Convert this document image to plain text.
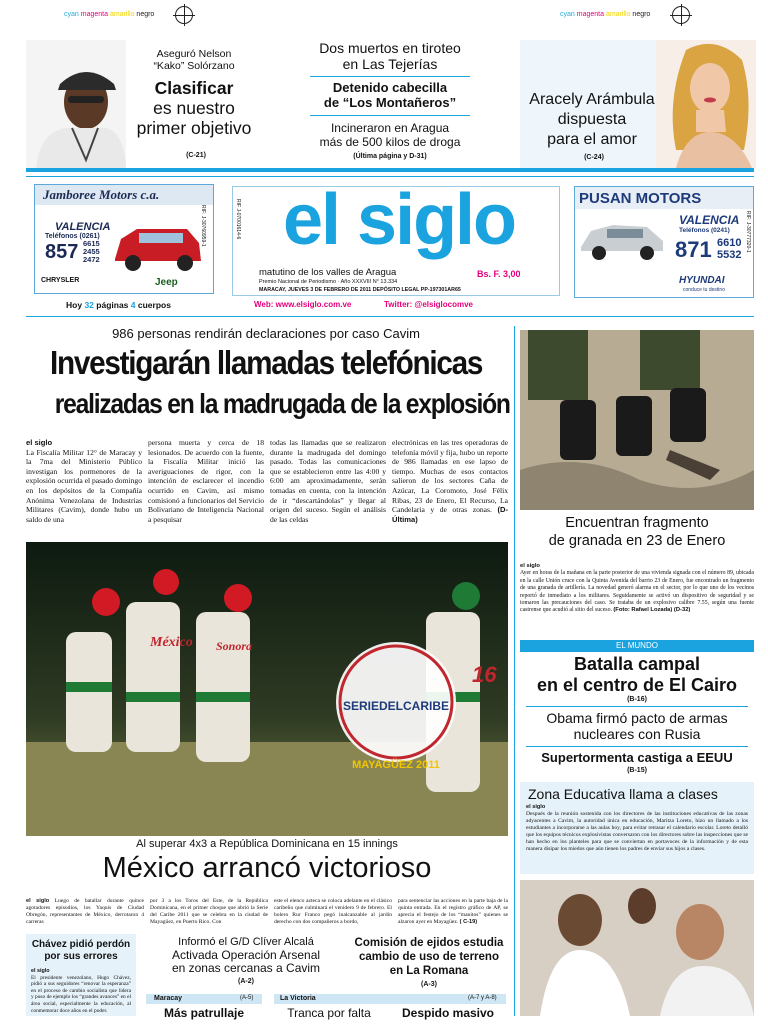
cyan magenta amarillo negro	cyan magenta amarillo negro
Aseguró Nelson
“Kako” Solórzano
Clasificar
es nuestro
primer objetivo
(C-21)
Dos muertos en tiroteo
en Las Tejerías
Detenido cabecilla
de “Los Montañeros”
Incineraron en Aragua
más de 500 kilos de droga
(Última página y D-31)
Aracely Arámbula
dispuesta
para el amor
(C-24)
Jamboree Motors c.a.
VALENCIA
Teléfonos (0261)
857 6615
2455
2472
CHRYSLER	Jeep
RIF: J-30760959-1
Hoy 32 páginas 4 cuerpos
el siglo
matutino de los valles de Aragua	Bs. F. 3,00
Premio Nacional de Periodismo · Año XXXVIII N° 13.334
MARACAY, JUEVES 3 DE FEBRERO DE 2011 DEPÓSITO LEGAL PP-197301AR65
RIF J-07001614-6
Web: www.elsiglo.com.ve	Twitter: @elsiglocomve
PUSAN MOTORS
VALENCIA
Teléfonos (0241)
871 6610
5532
HYUNDAI
conduce tu destino
RIF: J-30777320-1
986 personas rendirán declaraciones por caso Cavim
Investigarán llamadas telefónicas
realizadas en la madrugada de la explosión
el siglo
La Fiscalía Militar 12° de Maracay y la 7ma del Ministerio Público investigan los pormenores de la explosión ocurrida el pasado domingo en los depósitos de la Compañía Anónima Venezolana de Industrias Militares (Cavim), donde hubo un saldo de una
persona muerta y cerca de 18 lesionados. De acuerdo con la fuente, la Fiscalía Militar inició las averiguaciones de rigor, con la intención de esclarecer el incendio ocurrido en Cavim, así mismo comisionó a funcionarios del Servicio Bolivariano de Inteligencia Nacional a pesquisar
todas las llamadas que se realizaron durante la madrugada del domingo pasado. Todas las comunicaciones que se establecieron entre las 4:00 y 6:00 am aproximadamente, serán tomadas en cuenta, con la intención de ir “descartándolas” y llegar al origen del suceso. Según el análisis de las celdas
electrónicas en las tres operadoras de telefonía móvil y fija, hubo un reporte de 986 llamadas en ese lapso de tiempo. Muchas de esos contactos salieron de los sectores Caña de Azúcar, La Coromoto, José Félix Ribas, 23 de Enero, El Recurso, La Candelaria y de otras zonas. (D-Última)
SERIEDELCARIBE
MAYAGÜEZ 2011
México Sonora
16
Al superar 4x3 a República Dominicana en 15 innings
México arrancó victorioso
el siglo Luego de batallar durante quince agotadores episodios, los Yaquis de Ciudad Obregón, representantes de México, derrotaron 4 carreras
por 3 a los Toros del Este, de la República Dominicana, en el primer choque que abrió la Serie del Caribe 2011 que se celebra en la ciudad de Mayagüez, en Puerto Rico. Con
este el elenco azteca se coloca adelante en el clásico caribeño que culminará el venidero 9 de febrero. El bolero Rur Franco pegó inalcanzable al jardín derecho con dos compañeros a bordo,
para sentenciar las acciones en la parte baja de la quinta entrada. En el registro gráfico de AP, se aprecia el festejo de los “manitos” quienes se alzaron ayer en Mayagüez. ( C-19)
Encuentran fragmento
de granada en 23 de Enero
el siglo
Ayer en horas de la mañana en la parte posterior de una vivienda signada con el número 89, ubicada en la calle Unión cruce con la Quinta Avenida del barrio 23 de Enero, fue encontrado un fragmento de una granada de artillería. La novedad generó alarma en el sector, por lo que uno de los vecinos reportó de inmediato a los militares. Seguidamente se activó un dispositivo de seguridad y se tomaron las precauciones del caso. Se trataba de un explosivo calibre 7.55, según una fuente castrense que acudió al sitio del suceso. (Foto: Rafael Lozada) (D-32)
EL MUNDO
Batalla campal
en el centro de El Cairo
(B-16)
Obama firmó pacto de armas
nucleares con Rusia
Supertormenta castiga a EEUU
(B-15)
Zona Educativa llama a clases
el siglo
Después de la reunión sostenida con los directores de las instituciones educativas de las zonas adyacentes a Cavim, la autoridad única en educación, Maritza Loreto, hizo un llamado a los estudiantes a incorporarse a las aulas hoy, para evitar retrasar el calendario escolar. Loreto detalló que los equipos técnicos explosivistas conversaron con los directores sobre las inspecciones que se han hecho en los planteles para que se conviertan en portavoces de la información y de esta manera disipar los miedos que aún tienen los padres de enviar sus hijos a clases.
Chávez pidió perdón
por sus errores
el siglo
El presidente venezolano, Hugo Chávez, pidió a sus seguidores “renovar la esperanza” en el proceso de cambio socialista que lidera y puso de ejemplo los “grandes avances” en el área social, especialmente la educación, al conmemorar doce años en el poder.
Informó el G/D Clíver Alcalá
Activada Operación Arsenal
en zonas cercanas a Cavim
(A-2)
Comisión de ejidos estudia
cambio de uso de terreno
en La Romana
(A-3)
Maracay	(A-5)
Más patrullaje
La Victoria	(A-7 y A-8)
Tranca por falta	Despido masivo
